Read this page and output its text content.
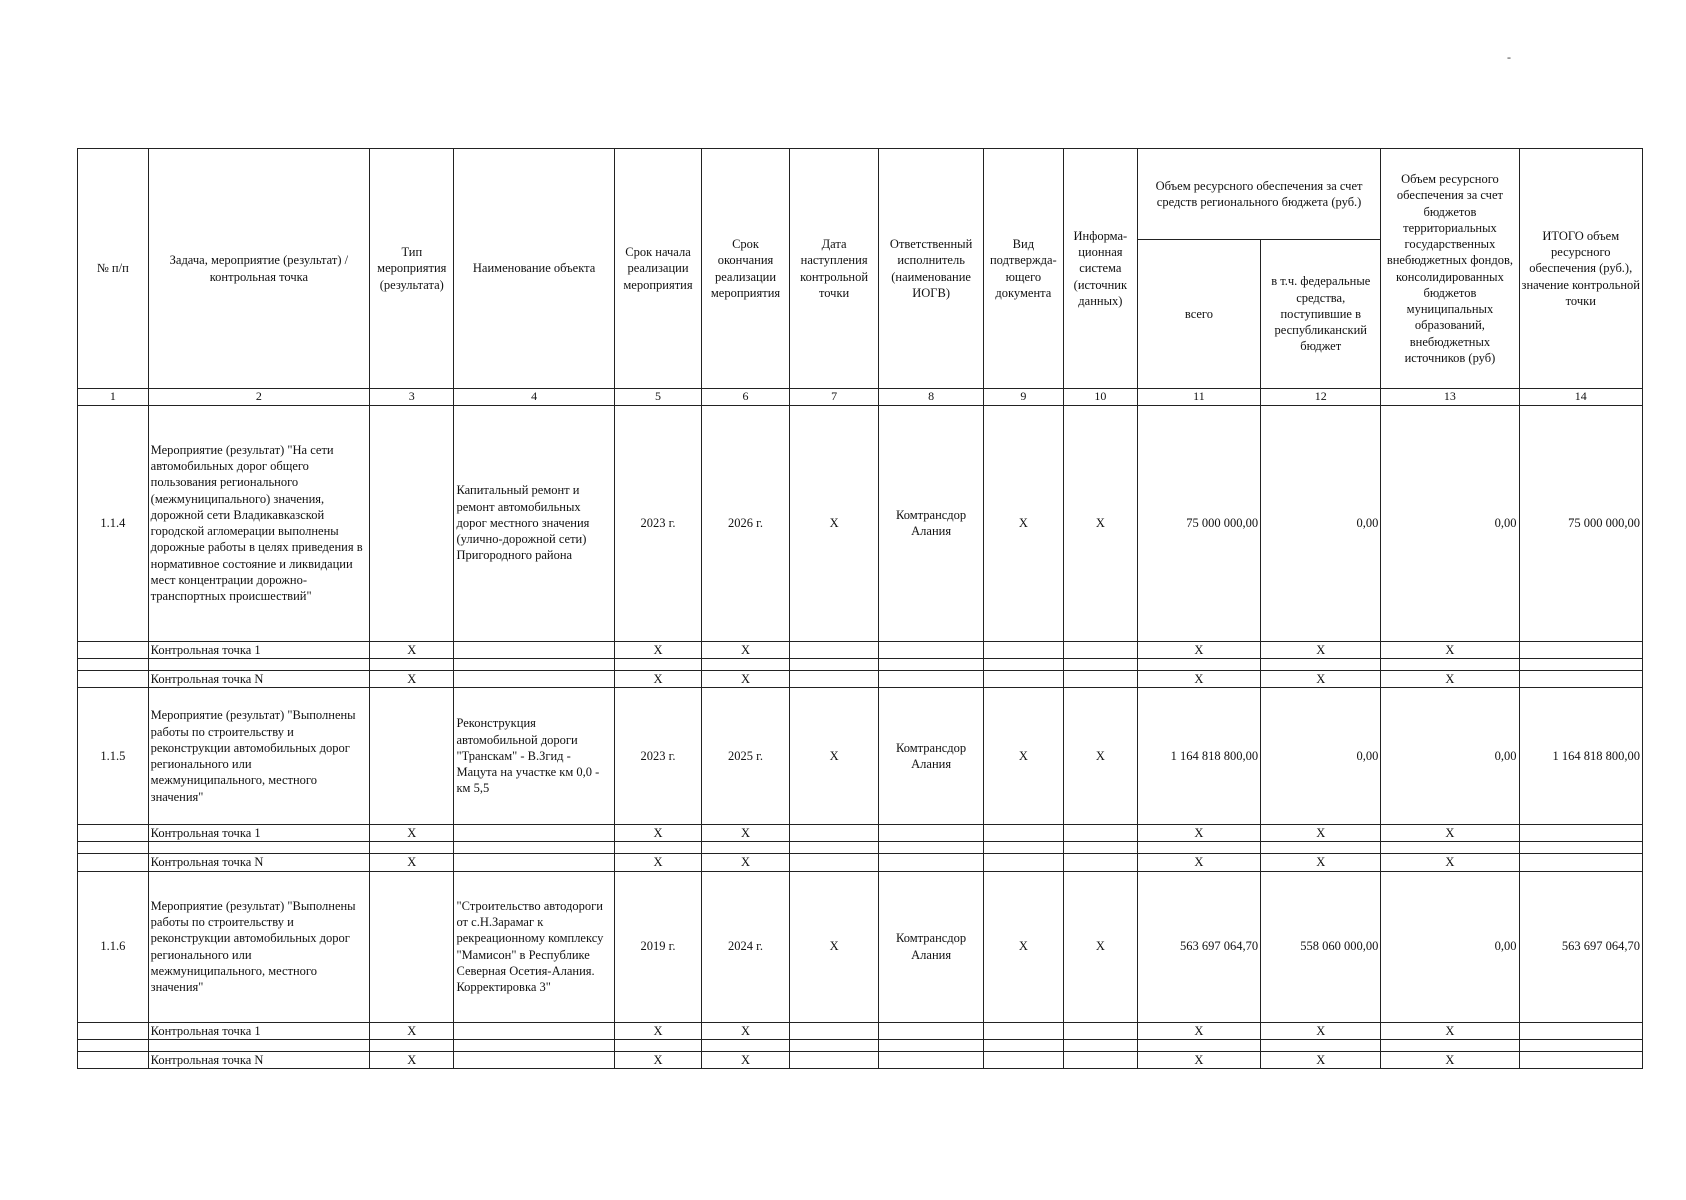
-
№ п/п	Задача, мероприятие (результат) / контрольная точка	Тип мероприятия (результата)	Наименование объекта	Срок начала реализации мероприятия	Срок окончания реализации мероприятия	Дата наступления контрольной точки	Ответственный исполнитель (наименование ИОГВ)	Вид подтвержда-ющего документа	Информа-ционная система (источник данных)	Объем ресурсного обеспечения за счет средств регионального бюджета (руб.)		Объем ресурсного обеспечения за счет бюджетов территориальных государственных внебюджетных фондов, консолидированных бюджетов муниципальных образований, внебюджетных источников (руб)	ИТОГО объем ресурсного обеспечения (руб.), значение контрольной точки
										всего	в т.ч. федеральные средства, поступившие в республиканский бюджет		
1	2	3	4	5	6	7	8	9	10	11	12	13	14
1.1.4	Мероприятие (результат) "На сети автомобильных дорог общего пользования регионального (межмуниципального) значения, дорожной сети Владикавказской городской агломерации выполнены дорожные работы в целях приведения в нормативное состояние и ликвидации мест концентрации дорожно-транспортных происшествий"		Капитальный ремонт и ремонт автомобильных дорог местного значения (улично-дорожной сети) Пригородного района	2023 г.	2026 г.	X	Комтрансдор Алания	X	X	75 000 000,00	0,00	0,00	75 000 000,00
	Контрольная точка 1	X		X	X					X	X	X	

	Контрольная точка N	X		X	X					X	X	X	
1.1.5	Мероприятие (результат) "Выполнены работы по строительству и реконструкции автомобильных дорог регионального или межмуниципального, местного значения"		Реконструкция автомобильной дороги "Транскам" - В.Згид - Мацута на участке км 0,0 - км 5,5	2023 г.	2025 г.	X	Комтрансдор Алания	X	X	1 164 818 800,00	0,00	0,00	1 164 818 800,00
	Контрольная точка 1	X		X	X					X	X	X	

	Контрольная точка N	X		X	X					X	X	X	
1.1.6	Мероприятие (результат) "Выполнены работы по строительству и реконструкции автомобильных дорог регионального или межмуниципального, местного значения"		"Строительство автодороги от с.Н.Зарамаг к рекреационному комплексу "Мамисон" в Республике Северная Осетия-Алания. Корректировка 3"	2019 г.	2024 г.	X	Комтрансдор Алания	X	X	563 697 064,70	558 060 000,00	0,00	563 697 064,70
	Контрольная точка 1	X		X	X					X	X	X	

	Контрольная точка N	X		X	X					X	X	X	
